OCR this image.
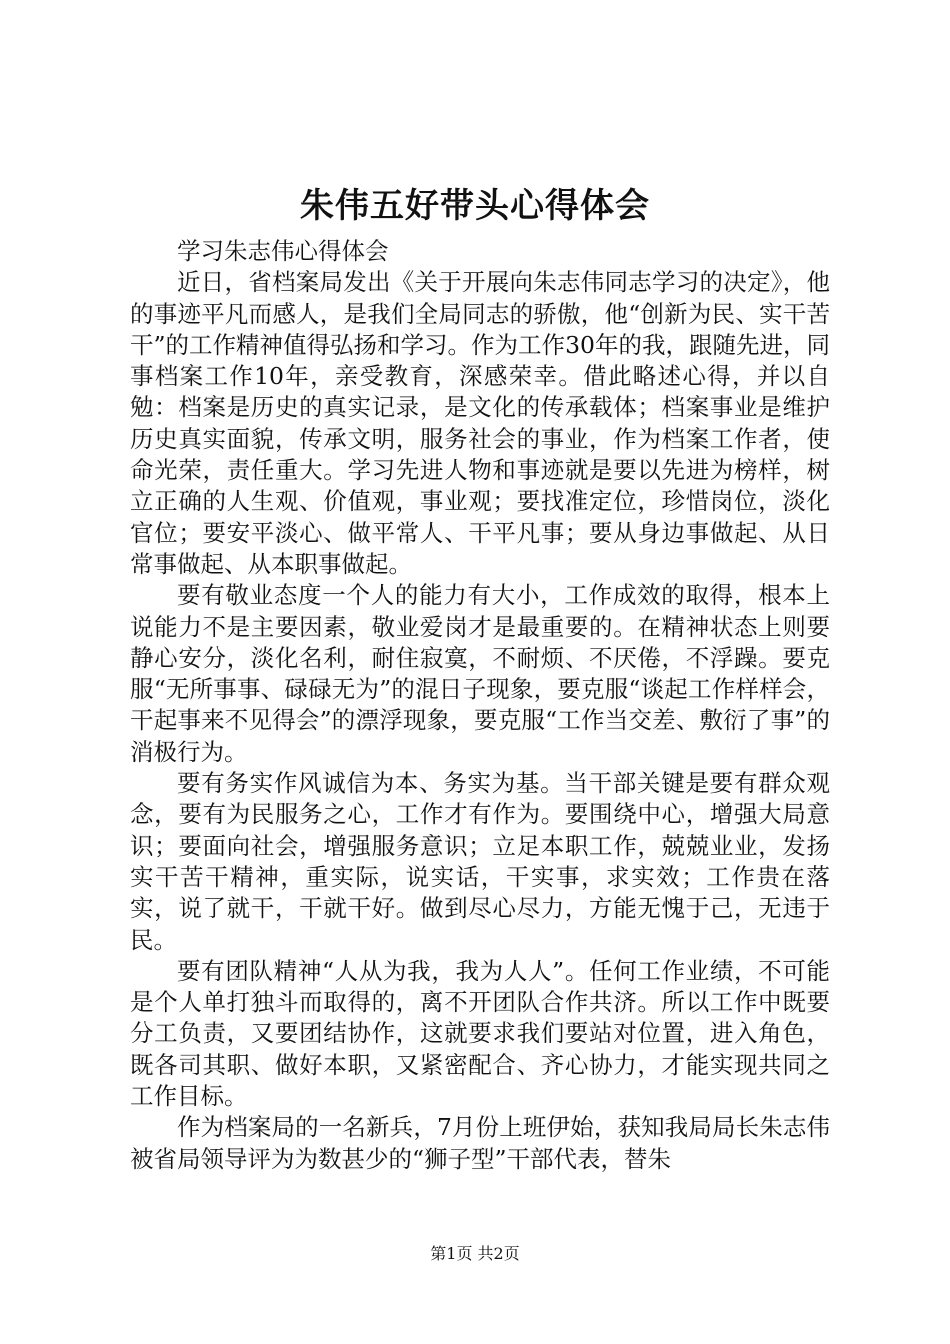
朱伟五好带头心得体会

学习朱志伟心得体会

近日，省档案局发出《关于开展向朱志伟同志学习的决定》，他的事迹平凡而感人，是我们全局同志的骄傲，他“创新为民、实干苦干”的工作精神值得弘扬和学习。作为工作30年的我，跟随先进，同事档案工作10年，亲受教育，深感荣幸。借此略述心得，并以自勉：档案是历史的真实记录，是文化的传承载体；档案事业是维护历史真实面貌，传承文明，服务社会的事业，作为档案工作者，使命光荣，责任重大。学习先进人物和事迹就是要以先进为榜样，树立正确的人生观、价值观，事业观；要找准定位，珍惜岗位，淡化官位；要安平淡心、做平常人、干平凡事；要从身边事做起、从日常事做起、从本职事做起。

要有敬业态度一个人的能力有大小，工作成效的取得，根本上说能力不是主要因素，敬业爱岗才是最重要的。在精神状态上则要静心安分，淡化名利，耐住寂寞，不耐烦、不厌倦，不浮躁。要克服“无所事事、碌碌无为”的混日子现象，要克服“谈起工作样样会，干起事来不见得会”的漂浮现象，要克服“工作当交差、敷衍了事”的消极行为。

要有务实作风诚信为本、务实为基。当干部关键是要有群众观念，要有为民服务之心，工作才有作为。要围绕中心，增强大局意识；要面向社会，增强服务意识；立足本职工作，兢兢业业，发扬实干苦干精神，重实际，说实话，干实事，求实效；工作贵在落实，说了就干，干就干好。做到尽心尽力，方能无愧于己，无违于民。

要有团队精神“人从为我，我为人人”。任何工作业绩，不可能是个人单打独斗而取得的，离不开团队合作共济。所以工作中既要分工负责，又要团结协作，这就要求我们要站对位置，进入角色，既各司其职、做好本职，又紧密配合、齐心协力，才能实现共同之工作目标。

作为档案局的一名新兵，7月份上班伊始，获知我局局长朱志伟被省局领导评为为数甚少的“狮子型”干部代表，替朱

第1页 共2页
